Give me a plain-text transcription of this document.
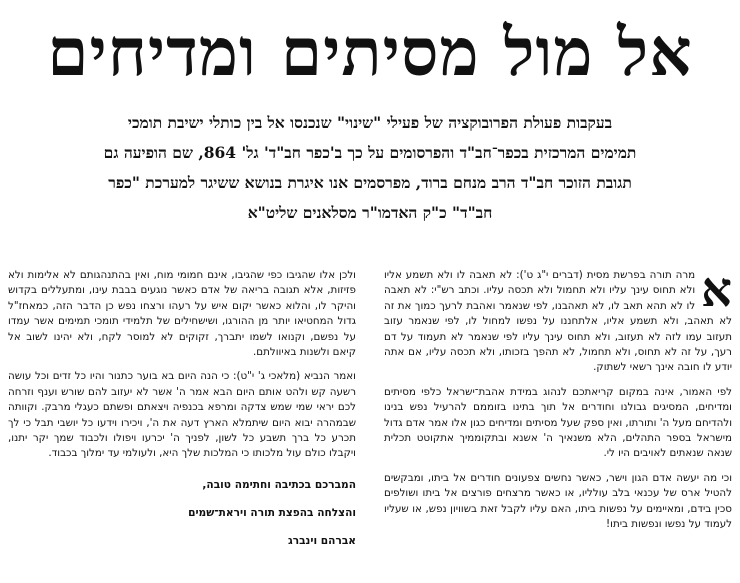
אל מול מסיתים ומדיחים

בעקבות פעולת הפרובוקציה של פעילי "שינוי" שנכנסו אל בין כותלי ישיבת תומכי

תמימים המרכזית בכפר־חב"ד והפרסומים על כך ב'כפר חב"ד' גל' 864, שם הופיעה גם

תגובת הזוכר חב"ד הרב מנחם ברוד, מפרסמים אנו איגרת בנושא ששיגר למערכת "כפר

חב"ד" כ"ק האדמו"ר מסלאנים שליט"א

א
מרה תורה בפרשת מסית (דברים י"ג ט'): לא תאבה לו ולא תשמע אליו ולא תחוס עינך עליו ולא תחמול ולא תכסה עליו. וכתב רש"י: לא תאבה לו לא תהא תאב לו, לא תאהבנו, לפי שנאמר ואהבת לרעך כמוך את זה לא תאהב, ולא תשמע אליו, אלתחננו על נפשו למחול לו, לפי שנאמר עזוב תעזוב עמו לזה לא תעזוב, ולא תחוס עינך עליו לפי שנאמר לא תעמוד על דם רעך, על זה לא תחוס, ולא תחמול, לא תהפך בזכותו, ולא תכסה עליו, אם אתה יודע לו חובה אינך רשאי לשתוק.

לפי האמור, אינה במקום קריאתכם לנהוג במידת אהבת־ישראל כלפי מסיתים ומדיחים, המסיגים גבולנו וחודרים אל תוך בתינו בזוממם להרעיל נפש בנינו ולהדיחם מעל ה' ותורתו, ואין ספק שעל מסיתים ומדיחים כגון אלו אמר אדם גדול מישראל בספר התהלים, הלא משנאיך ה' אשנא ובתקוממיך אתקוטט תכלית שנאה שנאתים לאויבים היו לי.

וכי מה יעשה אדם הגון וישר, כאשר נחשים צפעונים חודרים אל ביתו, ומבקשים להטיל ארס של עכנאי בלב עולליו, או כאשר מרצחים פורצים אל ביתו ושולפים סכין בידם, ומאיימים על נפשות ביתו, האם עליו לקבל זאת בשוויון נפש, או שעליו לעמוד על נפשו ונפשות ביתו!

ולכן אלו שהגיבו כפי שהגיבו, אינם חמומי מוח, ואין בהתנהגותם לא אלימות ולא פזיזות, אלא תגובה בריאה של אדם כאשר נוגעים בבבת עינו, ומתעללים בקדוש והיקר לו, והלוא כאשר יקום איש על רעהו ורצחו נפש כן הדבר הזה, כמאחז"ל גדול המחטיאו יותר מן ההורגו, ושישחילים של תלמידי תומכי תמימים אשר עמדו על נפשם, וקנואו לשמו יתברך, זקוקים לא למוסר לקח, ולא יהינו לשוב אל קיאם ולשנות באיוולתם.

ואמר הנביא (מלאכי ג' י"ט): כי הנה היום בא בוער כתנור והיו כל זדים וכל עושה רשעה קש ולהט אותם היום הבא אמר ה' אשר לא יעזוב להם שורש וענף וזרחה לכם יראי שמי שמש צדקה ומרפא בכנפיה ויצאתם ופשתם כעגלי מרבק. וקוותה שבמהרה יבוא היום שיתמלא הארץ דעה את ה', ויכירו וידעו כל יושבי תבל כי לך תכרע כל ברך תשבע כל לשון, לפניך ה' יכרעו ויפולו ולכבוד שמך יקר יתנו, ויקבלו כולם עול מלכותו כי המלכות שלך היא, ולעולמי עד ימלוך בכבוד.

המברכם בכתיבה וחתימה טובה,

והצלחה בהפצת תורה ויראת־שמים

אברהם וינברג
